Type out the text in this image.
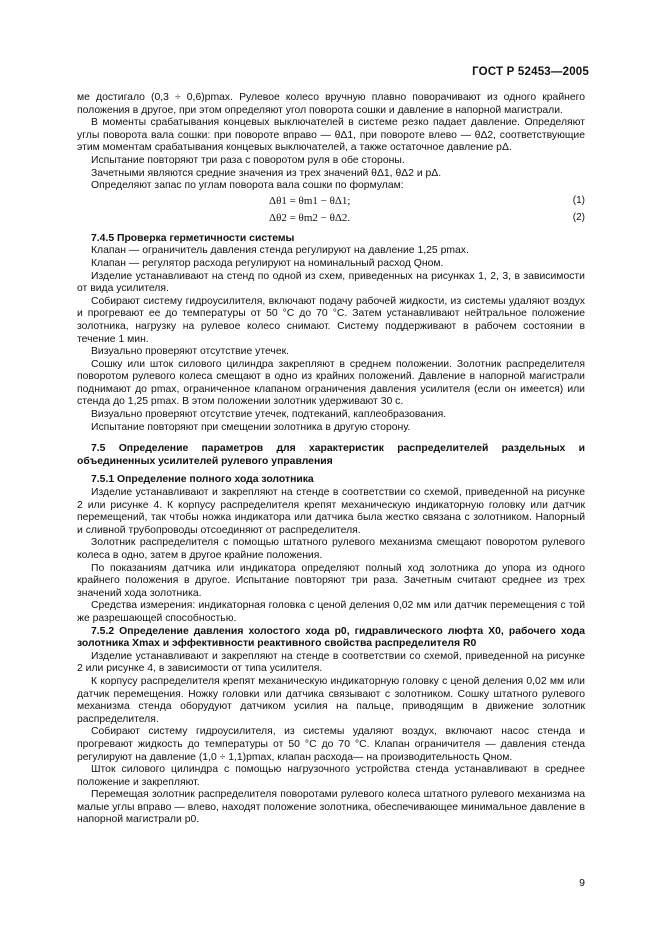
ГОСТ Р 52453—2005

ме достигало (0,3 ÷ 0,6)pmax. Рулевое колесо вручную плавно поворачивают из одного крайнего положения в другое, при этом определяют угол поворота сошки и давление в напорной магистрали.

В моменты срабатывания концевых выключателей в системе резко падает давление. Определяют углы поворота вала сошки: при повороте вправо — θΔ1, при повороте влево — θΔ2, соответствующие этим моментам срабатывания концевых выключателей, а также остаточное давление pΔ.

Испытание повторяют три раза с поворотом руля в обе стороны.

Зачетными являются средние значения из трех значений θΔ1, θΔ2 и pΔ.

Определяют запас по углам поворота вала сошки по формулам:

Δθ1 = θm1 − θΔ1;	(1)
Δθ2 = θm2 − θΔ2.	(2)

7.4.5 Проверка герметичности системы

Клапан — ограничитель давления стенда регулируют на давление 1,25 pmax.

Клапан — регулятор расхода регулируют на номинальный расход Qном.

Изделие устанавливают на стенд по одной из схем, приведенных на рисунках 1, 2, 3, в зависимости от вида усилителя.

Собирают систему гидроусилителя, включают подачу рабочей жидкости, из системы удаляют воздух и прогревают ее до температуры от 50 °С до 70 °С. Затем устанавливают нейтральное положение золотника, нагрузку на рулевое колесо снимают. Систему поддерживают в рабочем состоянии в течение 1 мин.

Визуально проверяют отсутствие утечек.

Сошку или шток силового цилиндра закрепляют в среднем положении. Золотник распределителя поворотом рулевого колеса смещают в одно из крайних положений. Давление в напорной магистрали поднимают до pmax, ограниченное клапаном ограничения давления усилителя (если он имеется) или стенда до 1,25 pmax. В этом положении золотник удерживают 30 с.

Визуально проверяют отсутствие утечек, подтеканий, каплеобразования.

Испытание повторяют при смещении золотника в другую сторону.

7.5 Определение параметров для характеристик распределителей раздельных и объединенных усилителей рулевого управления

7.5.1 Определение полного хода золотника

Изделие устанавливают и закрепляют на стенде в соответствии со схемой, приведенной на рисунке 2 или рисунке 4. К корпусу распределителя крепят механическую индикаторную головку или датчик перемещений, так чтобы ножка индикатора или датчика была жестко связана с золотником. Напорный и сливной трубопроводы отсоединяют от распределителя.

Золотник распределителя с помощью штатного рулевого механизма смещают поворотом рулевого колеса в одно, затем в другое крайние положения.

По показаниям датчика или индикатора определяют полный ход золотника до упора из одного крайнего положения в другое. Испытание повторяют три раза. Зачетным считают среднее из трех значений хода золотника.

Средства измерения: индикаторная головка с ценой деления 0,02 мм или датчик перемещения с той же разрешающей способностью.

7.5.2 Определение давления холостого хода p0, гидравлического люфта X0, рабочего хода золотника Xmax и эффективности реактивного свойства распределителя R0

Изделие устанавливают и закрепляют на стенде в соответствии со схемой, приведенной на рисунке 2 или рисунке 4, в зависимости от типа усилителя.

К корпусу распределителя крепят механическую индикаторную головку с ценой деления 0,02 мм или датчик перемещения. Ножку головки или датчика связывают с золотником. Сошку штатного рулевого механизма стенда оборудуют датчиком усилия на пальце, приводящим в движение золотник распределителя.

Собирают систему гидроусилителя, из системы удаляют воздух, включают насос стенда и прогревают жидкость до температуры от 50 °С до 70 °С. Клапан ограничителя — давления стенда регулируют на давление (1,0 ÷ 1,1)pmax, клапан расхода— на производительность Qном.

Шток силового цилиндра с помощью нагрузочного устройства стенда устанавливают в среднее положение и закрепляют.

Перемещая золотник распределителя поворотами рулевого колеса штатного рулевого механизма на малые углы вправо — влево, находят положение золотника, обеспечивающее минимальное давление в напорной магистрали p0.

9
